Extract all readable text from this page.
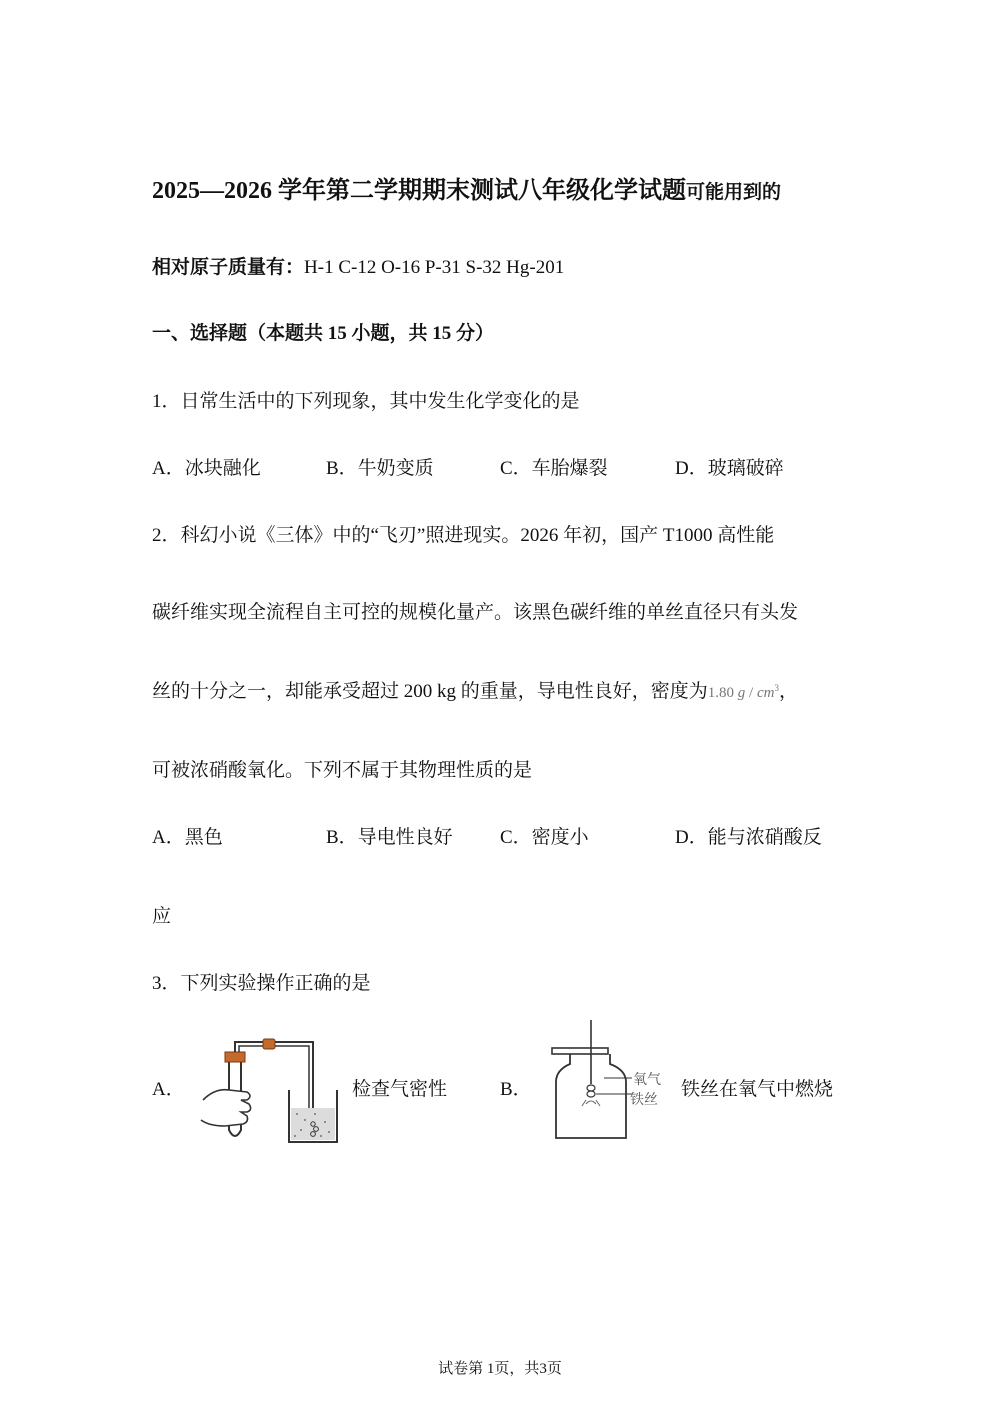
2025—2026 学年第二学期期末测试八年级化学试题可能用到的
相对原子质量有：H-1 C-12 O-16 P-31 S-32 Hg-201
一、选择题（本题共 15 小题，共 15 分）
1．日常生活中的下列现象，其中发生化学变化的是
A．冰块融化	B．牛奶变质	C．车胎爆裂	D．玻璃破碎
2．科幻小说《三体》中的“飞刃”照进现实。2026 年初，国产 T1000 高性能
碳纤维实现全流程自主可控的规模化量产。该黑色碳纤维的单丝直径只有头发
丝的十分之一，却能承受超过 200 kg 的重量，导电性良好，密度为1.80 g / $cm^3$，
可被浓硝酸氧化。下列不属于其物理性质的是
A．黑色	B．导电性良好 C．密度小	D．能与浓硝酸反
应
3．下列实验操作正确的是
A．	检查气密性	B．	氧气
铁丝 铁丝在氧气中燃烧
试卷第 1页，共3页
